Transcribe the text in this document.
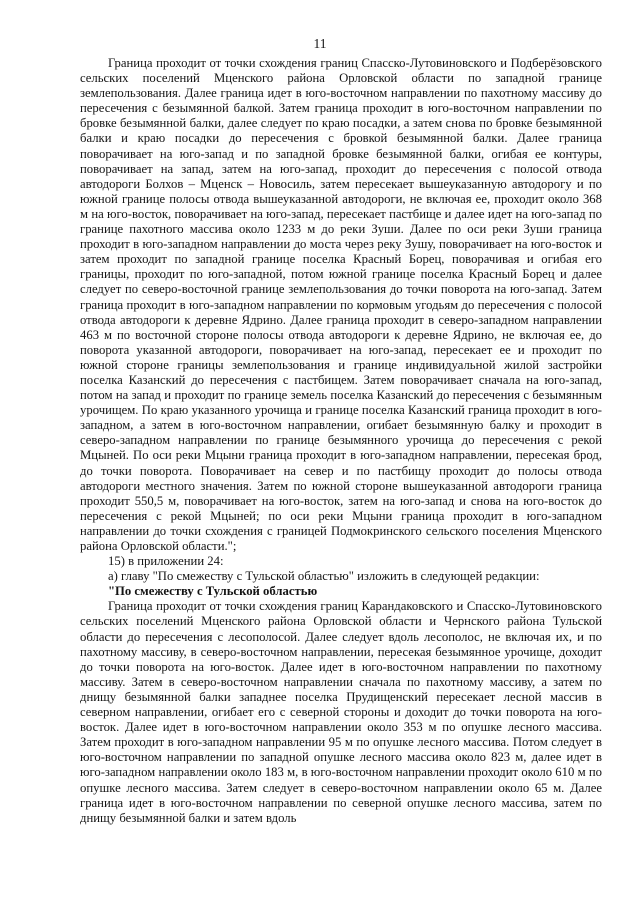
11

Граница проходит от точки схождения границ Спасско-Лутовиновского и Подберёзовского сельских поселений Мценского района Орловской области по западной границе землепользования. Далее граница идет в юго-восточном направлении по пахотному массиву до пересечения с безымянной балкой. Затем граница проходит в юго-восточном направлении по бровке безымянной балки, далее следует по краю посадки, а затем снова по бровке безымянной балки и краю посадки до пересечения с бровкой безымянной балки. Далее граница поворачивает на юго-запад и по западной бровке безымянной балки, огибая ее контуры, поворачивает на запад, затем на юго-запад, проходит до пересечения с полосой отвода автодороги Болхов – Мценск – Новосиль, затем пересекает вышеуказанную автодорогу и по южной границе полосы отвода вышеуказанной автодороги, не включая ее, проходит около 368 м на юго-восток, поворачивает на юго-запад, пересекает пастбище и далее идет на юго-запад по границе пахотного массива около 1233 м до реки Зуши. Далее по оси реки Зуши граница проходит в юго-западном направлении до моста через реку Зушу, поворачивает на юго-восток и затем проходит по западной границе поселка Красный Борец, поворачивая и огибая его границы, проходит по юго-западной, потом южной границе поселка Красный Борец и далее следует по северо-восточной границе землепользования до точки поворота на юго-запад. Затем граница проходит в юго-западном направлении по кормовым угодьям до пересечения с полосой отвода автодороги к деревне Ядрино. Далее граница проходит в северо-западном направлении 463 м по восточной стороне полосы отвода автодороги к деревне Ядрино, не включая ее, до поворота указанной автодороги, поворачивает на юго-запад, пересекает ее и проходит по южной стороне границы землепользования и границе индивидуальной жилой застройки поселка Казанский до пересечения с пастбищем. Затем поворачивает сначала на юго-запад, потом на запад и проходит по границе земель поселка Казанский до пересечения с безымянным урочищем. По краю указанного урочища и границе поселка Казанский граница проходит в юго-западном, а затем в юго-восточном направлении, огибает безымянную балку и проходит в северо-западном направлении по границе безымянного урочища до пересечения с рекой Мцыней. По оси реки Мцыни граница проходит в юго-западном направлении, пересекая брод, до точки поворота. Поворачивает на север и по пастбищу проходит до полосы отвода автодороги местного значения. Затем по южной стороне вышеуказанной автодороги граница проходит 550,5 м, поворачивает на юго-восток, затем на юго-запад и снова на юго-восток до пересечения с рекой Мцыней; по оси реки Мцыни граница проходит в юго-западном направлении до точки схождения с границей Подмокринского сельского поселения Мценского района Орловской области.";

15) в приложении 24:

а) главу "По смежеству с Тульской областью" изложить в следующей редакции:

"По смежеству с Тульской областью

Граница проходит от точки схождения границ Карандаковского и Спасско-Лутовиновского сельских поселений Мценского района Орловской области и Чернского района Тульской области до пересечения с лесополосой. Далее следует вдоль лесополос, не включая их, и по пахотному массиву, в северо-восточном направлении, пересекая безымянное урочище, доходит до точки поворота на юго-восток. Далее идет в юго-восточном направлении по пахотному массиву. Затем в северо-восточном направлении сначала по пахотному массиву, а затем по днищу безымянной балки западнее поселка Прудищенский пересекает лесной массив в северном направлении, огибает его с северной стороны и доходит до точки поворота на юго-восток. Далее идет в юго-восточном направлении около 353 м по опушке лесного массива. Затем проходит в юго-западном направлении 95 м по опушке лесного массива. Потом следует в юго-восточном направлении по западной опушке лесного массива около 823 м, далее идет в юго-западном направлении около 183 м, в юго-восточном направлении проходит около 610 м по опушке лесного массива. Затем следует в северо-восточном направлении около 65 м. Далее граница идет в юго-восточном направлении по северной опушке лесного массива, затем по днищу безымянной балки и затем вдоль
